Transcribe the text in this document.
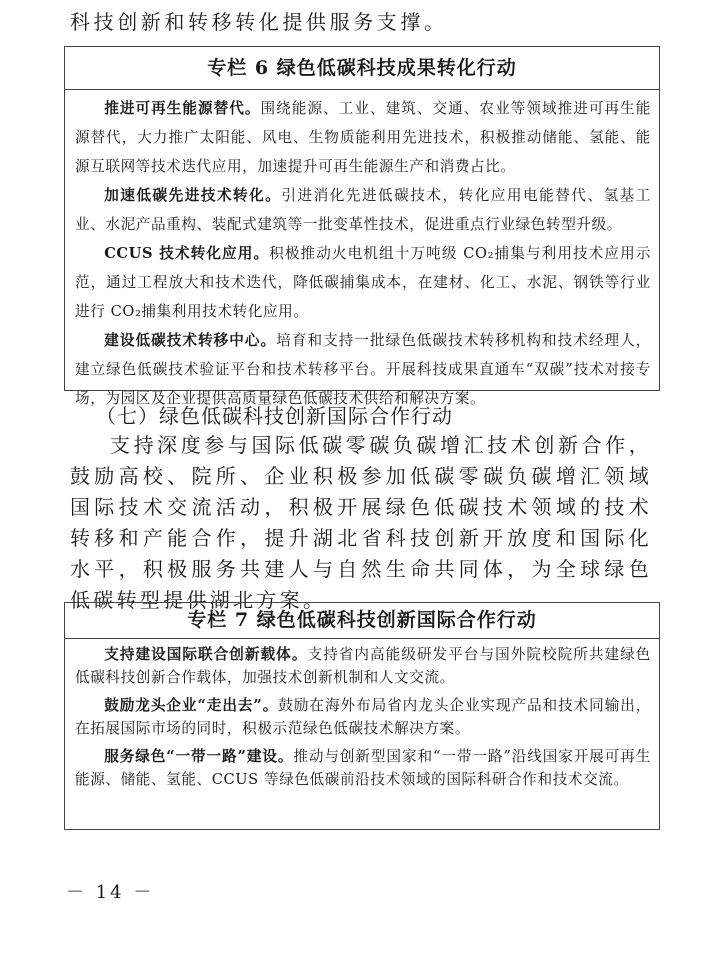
科技创新和转移转化提供服务支撑。
专栏 6 绿色低碳科技成果转化行动

推进可再生能源替代。围绕能源、工业、建筑、交通、农业等领域推进可再生能源替代，大力推广太阳能、风电、生物质能利用先进技术，积极推动储能、氢能、能源互联网等技术迭代应用，加速提升可再生能源生产和消费占比。

加速低碳先进技术转化。引进消化先进低碳技术，转化应用电能替代、氢基工业、水泥产品重构、装配式建筑等一批变革性技术，促进重点行业绿色转型升级。

CCUS 技术转化应用。积极推动火电机组十万吨级 CO₂捕集与利用技术应用示范，通过工程放大和技术迭代，降低碳捕集成本，在建材、化工、水泥、钢铁等行业进行 CO₂捕集利用技术转化应用。

建设低碳技术转移中心。培育和支持一批绿色低碳技术转移机构和技术经理人，建立绿色低碳技术验证平台和技术转移平台。开展科技成果直通车“双碳”技术对接专场，为园区及企业提供高质量绿色低碳技术供给和解决方案。

（七）绿色低碳科技创新国际合作行动

支持深度参与国际低碳零碳负碳增汇技术创新合作，鼓励高校、院所、企业积极参加低碳零碳负碳增汇领域国际技术交流活动，积极开展绿色低碳技术领域的技术转移和产能合作，提升湖北省科技创新开放度和国际化水平，积极服务共建人与自然生命共同体，为全球绿色低碳转型提供湖北方案。

专栏 7 绿色低碳科技创新国际合作行动

支持建设国际联合创新载体。支持省内高能级研发平台与国外院校院所共建绿色低碳科技创新合作载体，加强技术创新机制和人文交流。

鼓励龙头企业“走出去”。鼓励在海外布局省内龙头企业实现产品和技术同输出，在拓展国际市场的同时，积极示范绿色低碳技术解决方案。

服务绿色“一带一路”建设。推动与创新型国家和“一带一路”沿线国家开展可再生能源、储能、氢能、CCUS 等绿色低碳前沿技术领域的国际科研合作和技术交流。

－ 14 －
